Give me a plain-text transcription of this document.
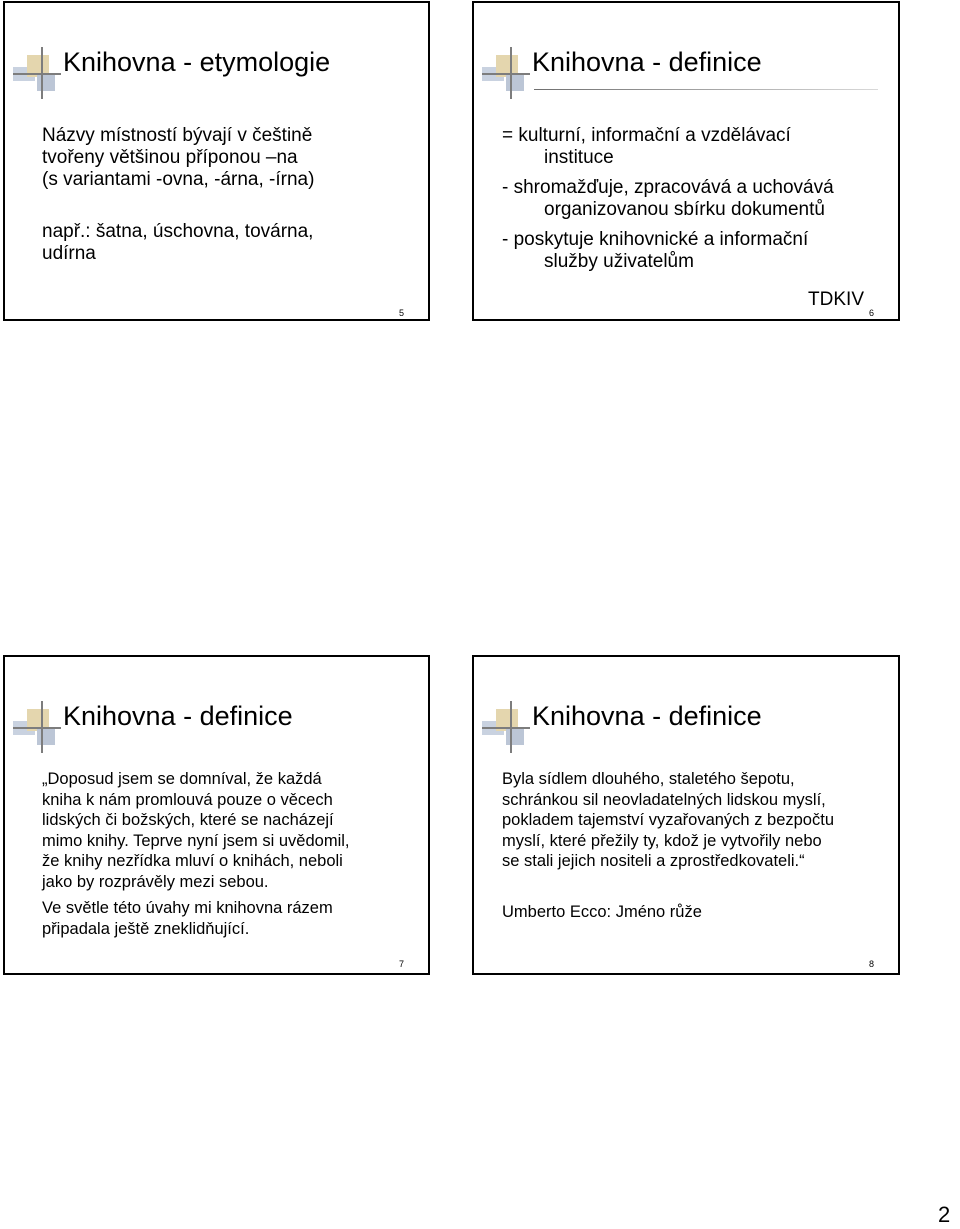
Knihovna - etymologie

Názvy místností bývají v češtině

tvořeny většinou příponou –na

(s variantami -ovna, -árna, -írna)

např.: šatna, úschovna, továrna,

udírna

5
Knihovna - definice

= kulturní, informační a vzdělávací

instituce

- shromažďuje, zpracovává a uchovává

organizovanou sbírku dokumentů

- poskytuje knihovnické a informační

služby uživatelům

TDKIV
6
Knihovna - definice

„Doposud jsem se domníval, že každá

kniha k nám promlouvá pouze o věcech

lidských či božských, které se nacházejí

mimo knihy. Teprve nyní jsem si uvědomil,

že knihy nezřídka mluví o knihách, neboli

jako by rozprávěly mezi sebou.

Ve světle této úvahy mi knihovna rázem

připadala ještě zneklidňující.

7
Knihovna - definice

Byla sídlem dlouhého, staletého šepotu,

schránkou sil neovladatelných lidskou myslí,

pokladem tajemství vyzařovaných z bezpočtu

myslí, které přežily ty, kdož je vytvořily nebo

se stali jejich nositeli a zprostředkovateli.“

Umberto Ecco: Jméno růže

8
2
